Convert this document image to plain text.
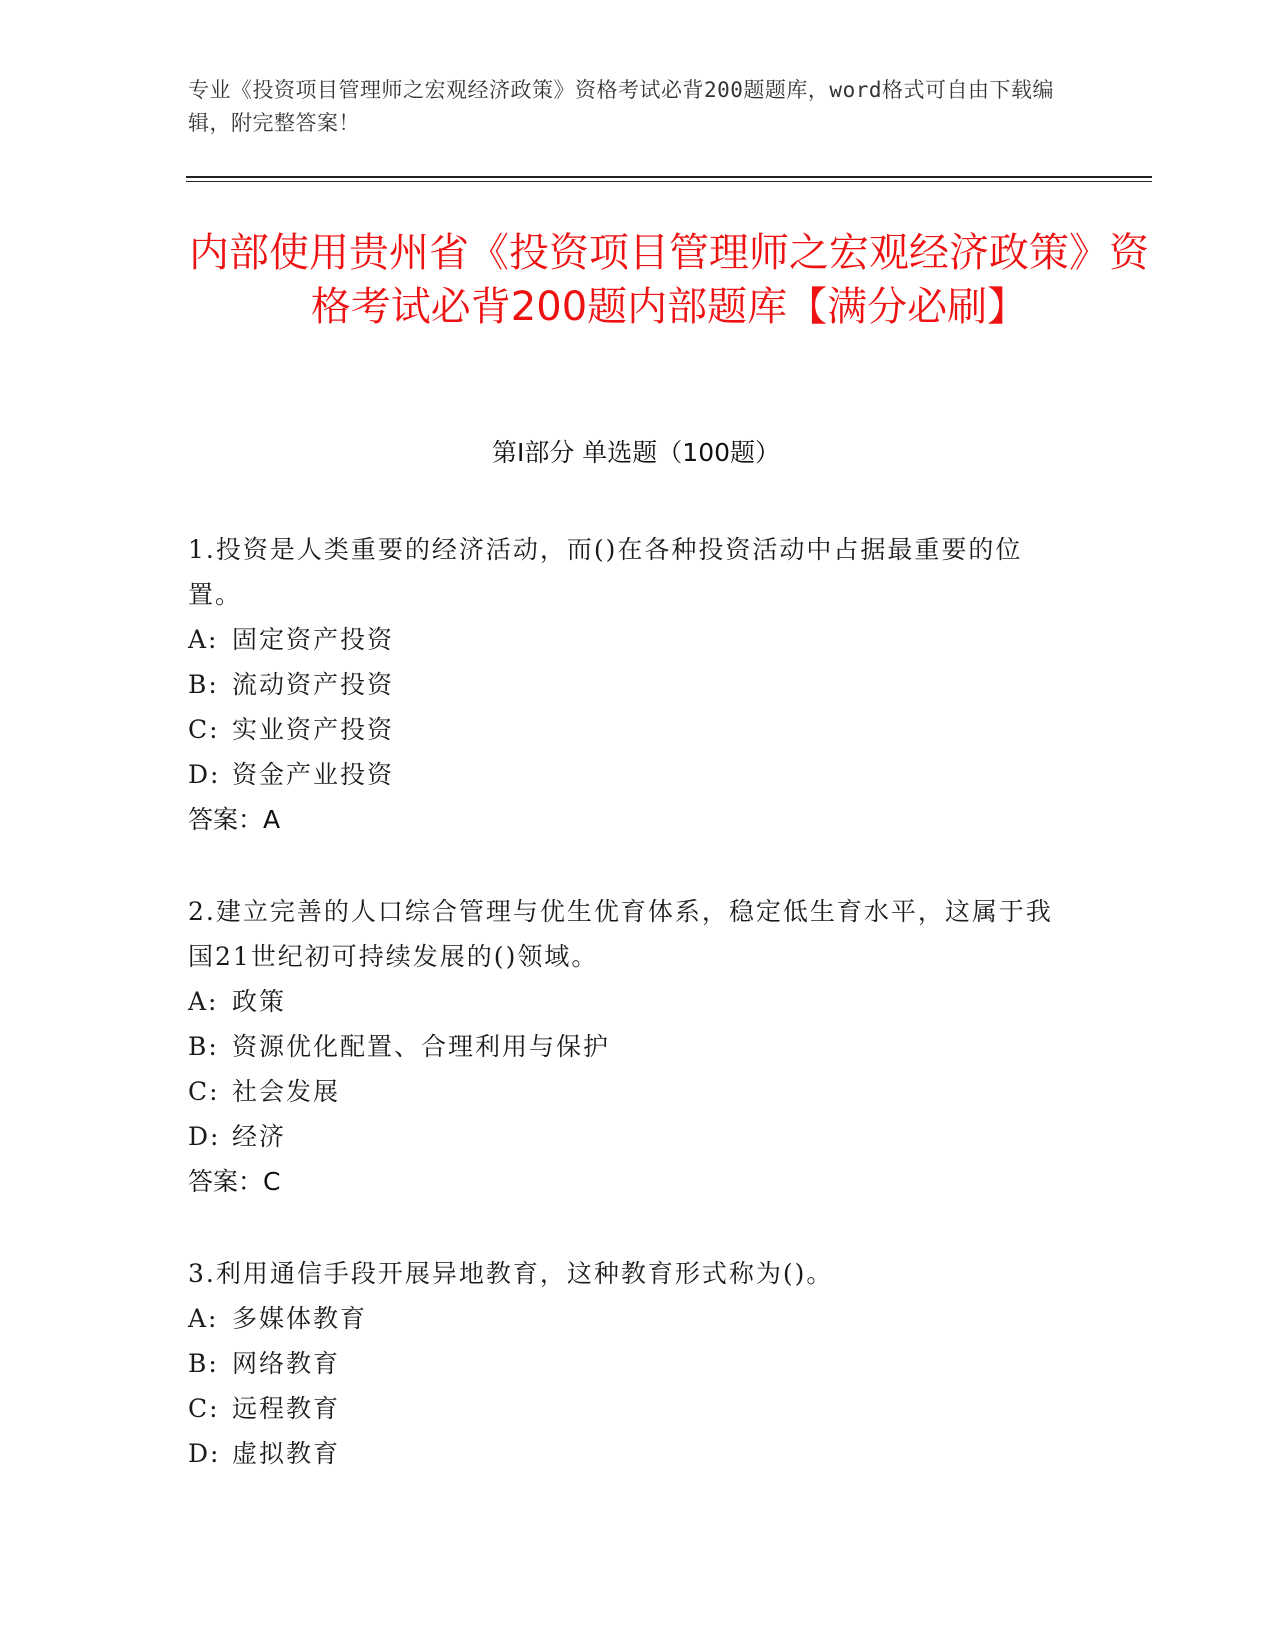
专业《投资项目管理师之宏观经济政策》资格考试必背200题题库，word格式可自由下载编辑，附完整答案！
内部使用贵州省《投资项目管理师之宏观经济政策》资格考试必背200题内部题库【满分必刷】
第Ⅰ部分 单选题（100题）
1.投资是人类重要的经济活动，而()在各种投资活动中占据最重要的位置。
A: 固定资产投资
B: 流动资产投资
C: 实业资产投资
D: 资金产业投资
答案：A
2.建立完善的人口综合管理与优生优育体系，稳定低生育水平，这属于我国21世纪初可持续发展的()领域。
A: 政策
B: 资源优化配置、合理利用与保护
C: 社会发展
D: 经济
答案：C
3.利用通信手段开展异地教育，这种教育形式称为()。
A: 多媒体教育
B: 网络教育
C: 远程教育
D: 虚拟教育
